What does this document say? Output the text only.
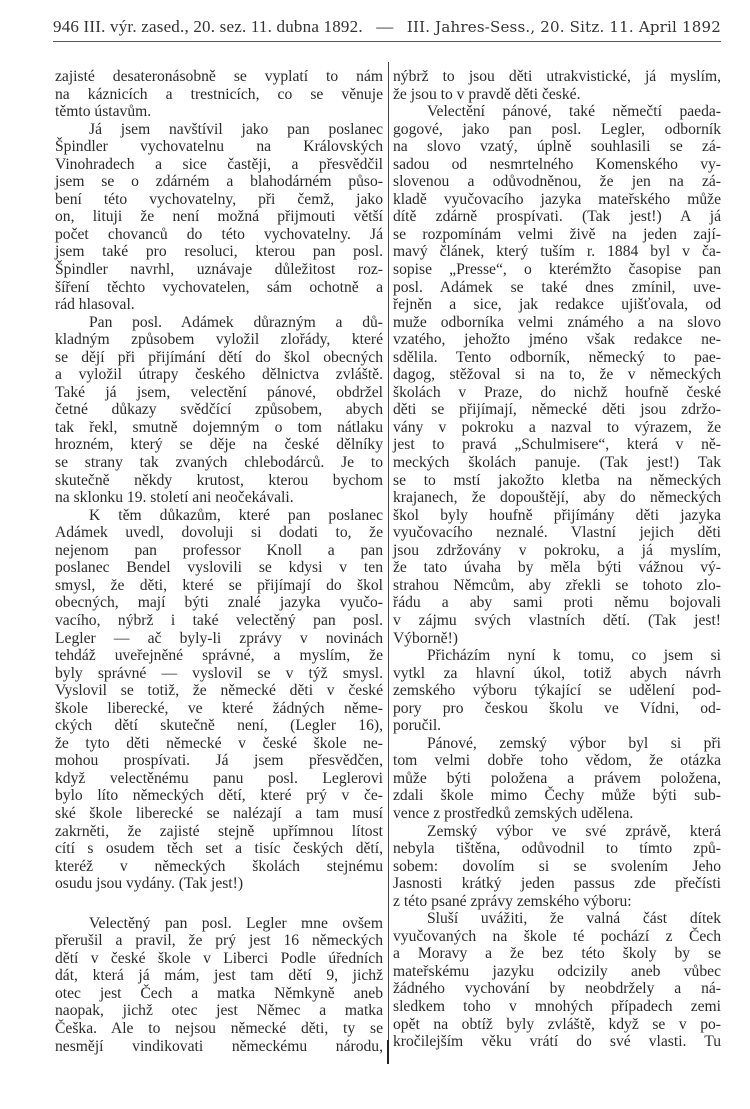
946 III. výr. zased., 20. sez. 11. dubna 1892. — III. Jahres-Sess., 20. Sitz. 11. April 1892
zajisté desateronásobně se vyplatí to nám
na káznicích a trestnicích, co se věnuje
těmto ústavům.
Já jsem navštívil jako pan poslanec
Špindler vychovatelnu na Královských
Vinohradech a sice častěji, a přesvědčil
jsem se o zdárném a blahodárném půso-
bení této vychovatelny, při čemž, jako
on, lituji že není možná přijmouti větší
počet chovanců do této vychovatelny. Já
jsem také pro resoluci, kterou pan posl.
Špindler navrhl, uznávaje důležitost roz-
šíření těchto vychovatelen, sám ochotně a
rád hlasoval.
Pan posl. Adámek důrazným a dů-
kladným způsobem vyložil zlořády, které
se dějí při přijímání dětí do škol obecných
a vyložil útrapy českého dělnictva zvláště.
Také já jsem, velectění pánové, obdržel
četné důkazy svědčící způsobem, abych
tak řekl, smutně dojemným o tom nátlaku
hrozném, který se děje na české dělníky
se strany tak zvaných chlebodárců. Je to
skutečně někdy krutost, kterou bychom
na sklonku 19. století ani neočekávali.
K těm důkazům, které pan poslanec
Adámek uvedl, dovoluji si dodati to, že
nejenom pan professor Knoll a pan
poslanec Bendel vyslovili se kdysi v ten
smysl, že děti, které se přijímají do škol
obecných, mají býti znalé jazyka vyučo-
vacího, nýbrž i také velectěný pan posl.
Legler — ač byly-li zprávy v novinách
tehdáž uveřejněné správné, a myslím, že
byly správné — vyslovil se v týž smysl.
Vyslovil se totiž, že německé děti v české
škole liberecké, ve které žádných něme-
ckých dětí skutečně není, (Legler 16),
že tyto děti německé v české škole ne-
mohou prospívati. Já jsem přesvědčen,
když velectěnému panu posl. Leglerovi
bylo líto německých dětí, které prý v če-
ské škole liberecké se nalézají a tam musí
zakrněti, že zajisté stejně upřímnou lítost
cítí s osudem těch set a tisíc českých dětí,
kteréž v německých školách stejnému
osudu jsou vydány. (Tak jest!)
Velectěný pan posl. Legler mne ovšem
přerušil a pravil, že prý jest 16 německých
dětí v české škole v Liberci Podle úředních
dát, která já mám, jest tam dětí 9, jichž
otec jest Čech a matka Němkyně aneb
naopak, jichž otec jest Němec a matka
Češka. Ale to nejsou německé děti, ty se
nesmějí vindikovati německému národu,
nýbrž to jsou děti utrakvistické, já myslím,
že jsou to v pravdě děti české.
Velectění pánové, také němečtí paeda-
gogové, jako pan posl. Legler, odborník
na slovo vzatý, úplně souhlasili se zá-
sadou od nesmrtelného Komenského vy-
slovenou a odůvodněnou, že jen na zá-
kladě vyučovacího jazyka mateřského může
dítě zdárně prospívati. (Tak jest!) A já
se rozpomínám velmi živě na jeden zají-
mavý článek, který tuším r. 1884 byl v ča-
sopise „Presse“, o kterémžto časopise pan
posl. Adámek se také dnes zmínil, uve-
řejněn a sice, jak redakce ujišťovala, od
muže odborníka velmi známého a na slovo
vzatého, jehožto jméno však redakce ne-
sdělila. Tento odborník, německý to pae-
dagog, stěžoval si na to, že v německých
školách v Praze, do nichž houfně české
děti se přijímají, německé děti jsou zdržo-
vány v pokroku a nazval to výrazem, že
jest to pravá „Schulmisere“, která v ně-
meckých školách panuje. (Tak jest!) Tak
se to mstí jakožto kletba na německých
krajanech, že dopouštějí, aby do německých
škol byly houfně přijímány děti jazyka
vyučovacího neznalé. Vlastní jejich děti
jsou zdržovány v pokroku, a já myslím,
že tato úvaha by měla býti vážnou vý-
strahou Němcům, aby zřekli se tohoto zlo-
řádu a aby sami proti němu bojovali
v zájmu svých vlastních dětí. (Tak jest!
Výborně!)
Přicházím nyní k tomu, co jsem si
vytkl za hlavní úkol, totiž abych návrh
zemského výboru týkající se udělení pod-
pory pro českou školu ve Vídni, od-
poručil.
Pánové, zemský výbor byl si při
tom velmi dobře toho vědom, že otázka
může býti položena a právem položena,
zdali škole mimo Čechy může býti sub-
vence z prostředků zemských udělena.
Zemský výbor ve své zprávě, která
nebyla tištěna, odůvodnil to tímto způ-
sobem: dovolím si se svolením Jeho
Jasnosti krátký jeden passus zde přečísti
z této psané zprávy zemského výboru:
Sluší uvážiti, že valná část dítek
vyučovaných na škole té pochází z Čech
a Moravy a že bez této školy by se
mateřskému jazyku odcizily aneb vůbec
žádného vychování by neobdržely a ná-
sledkem toho v mnohých případech zemi
opět na obtíž byly zvláště, když se v po-
kročilejším věku vrátí do své vlasti. Tu
